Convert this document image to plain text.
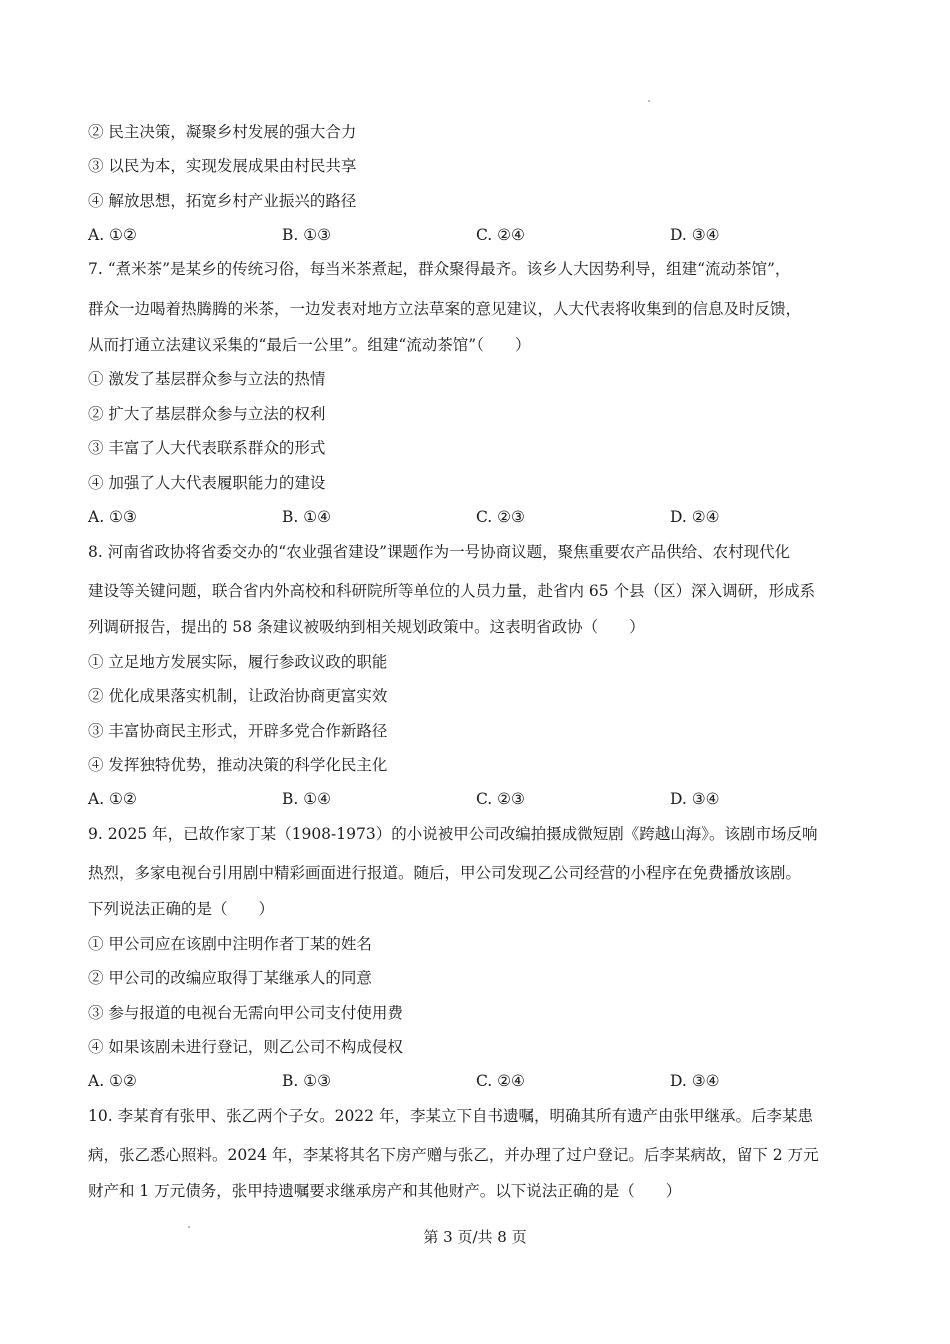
② 民主决策，凝聚乡村发展的强大合力
③ 以民为本，实现发展成果由村民共享
④ 解放思想，拓宽乡村产业振兴的路径
A. ①②	B. ①③	C. ②④	D. ③④
7. “煮米茶”是某乡的传统习俗，每当米茶煮起，群众聚得最齐。该乡人大因势利导，组建“流动茶馆”，
群众一边喝着热腾腾的米茶，一边发表对地方立法草案的意见建议，人大代表将收集到的信息及时反馈，
从而打通立法建议采集的“最后一公里”。组建“流动茶馆”（　　）
① 激发了基层群众参与立法的热情
② 扩大了基层群众参与立法的权利
③ 丰富了人大代表联系群众的形式
④ 加强了人大代表履职能力的建设
A. ①③	B. ①④	C. ②③	D. ②④
8. 河南省政协将省委交办的“农业强省建设”课题作为一号协商议题，聚焦重要农产品供给、农村现代化
建设等关键问题，联合省内外高校和科研院所等单位的人员力量，赴省内 65 个县（区）深入调研，形成系
列调研报告，提出的 58 条建议被吸纳到相关规划政策中。这表明省政协（　　）
① 立足地方发展实际，履行参政议政的职能
② 优化成果落实机制，让政治协商更富实效
③ 丰富协商民主形式，开辟多党合作新路径
④ 发挥独特优势，推动决策的科学化民主化
A. ①②	B. ①④	C. ②③	D. ③④
9. 2025 年，已故作家丁某（1908-1973）的小说被甲公司改编拍摄成微短剧《跨越山海》。该剧市场反响
热烈，多家电视台引用剧中精彩画面进行报道。随后，甲公司发现乙公司经营的小程序在免费播放该剧。
下列说法正确的是（　　）
① 甲公司应在该剧中注明作者丁某的姓名
② 甲公司的改编应取得丁某继承人的同意
③ 参与报道的电视台无需向甲公司支付使用费
④ 如果该剧未进行登记，则乙公司不构成侵权
A. ①②	B. ①③	C. ②④	D. ③④
10. 李某育有张甲、张乙两个子女。2022 年，李某立下自书遗嘱，明确其所有遗产由张甲继承。后李某患
病，张乙悉心照料。2024 年，李某将其名下房产赠与张乙，并办理了过户登记。后李某病故，留下 2 万元
财产和 1 万元债务，张甲持遗嘱要求继承房产和其他财产。以下说法正确的是（　　）
第 3 页/共 8 页
